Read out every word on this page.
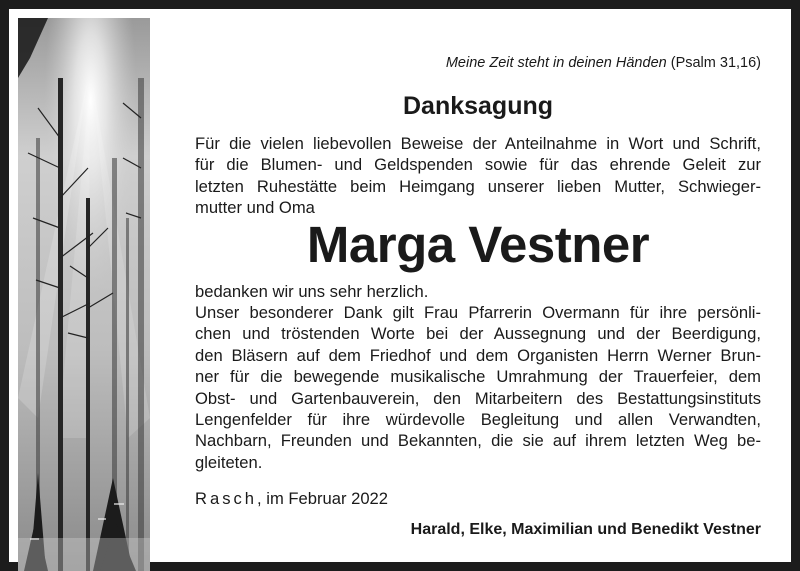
Meine Zeit steht in deinen Händen (Psalm 31,16)
Danksagung
Für die vielen liebevollen Beweise der Anteilnahme in Wort und Schrift,
für die Blumen- und Geldspenden sowie für das ehrende Geleit zur
letzten Ruhestätte beim Heimgang unserer lieben Mutter, Schwieger-
mutter und Oma
Marga Vestner
bedanken wir uns sehr herzlich.
Unser besonderer Dank gilt Frau Pfarrerin Overmann für ihre persönli-
chen und tröstenden Worte bei der Aussegnung und der Beerdigung,
den Bläsern auf dem Friedhof und dem Organisten Herrn Werner Brun-
ner für die bewegende musikalische Umrahmung der Trauerfeier, dem
Obst- und Gartenbauverein, den Mitarbeitern des Bestattungsinstituts
Lengenfelder für ihre würdevolle Begleitung und allen Verwandten,
Nachbarn, Freunden und Bekannten, die sie auf ihrem letzten Weg be-
gleiteten.
Rasch, im Februar 2022
Harald, Elke, Maximilian und Benedikt Vestner
